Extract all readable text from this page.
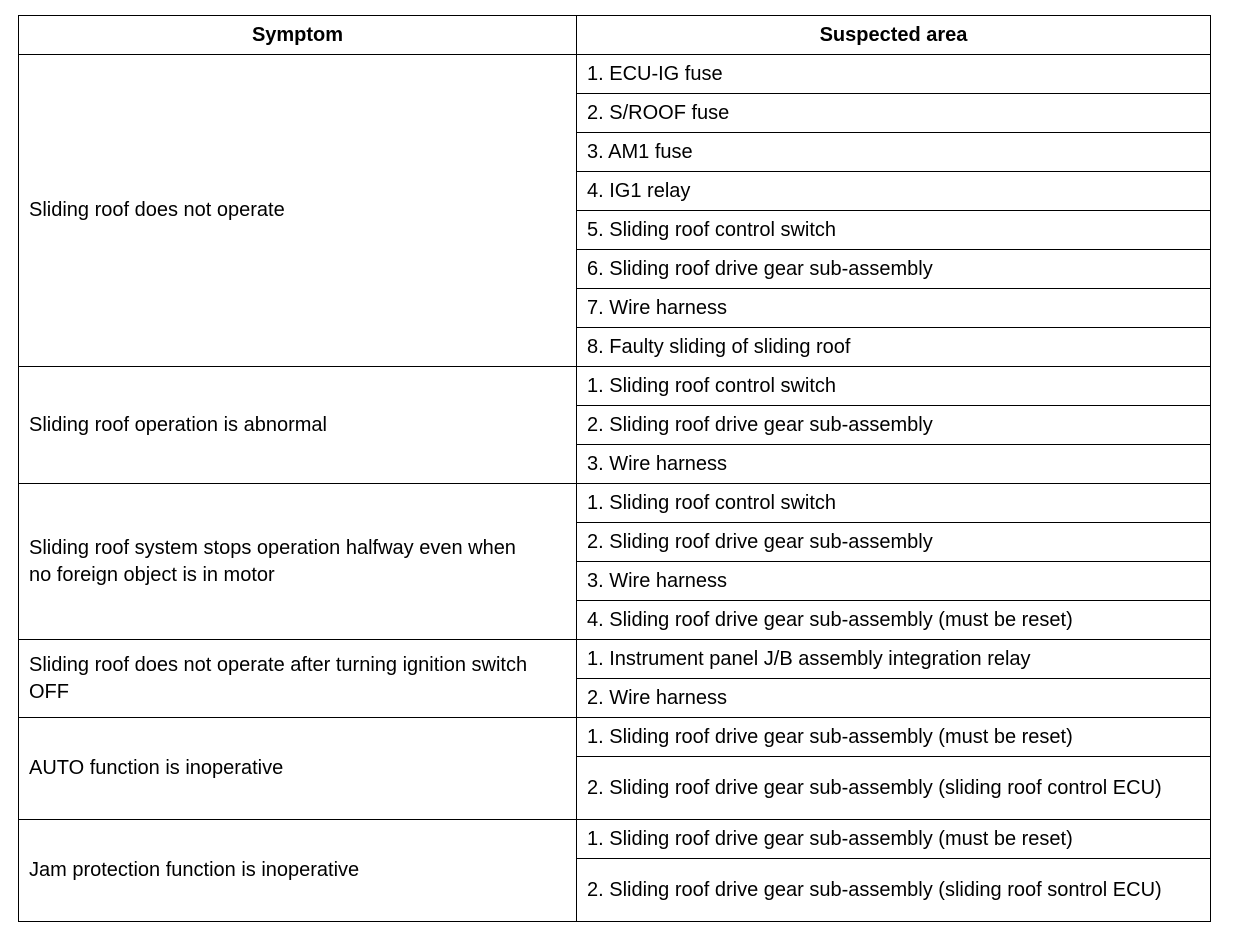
Symptom	Suspected area
Sliding roof does not operate	1. ECU-IG fuse
	2. S/ROOF fuse
	3. AM1 fuse
	4. IG1 relay
	5. Sliding roof control switch
	6. Sliding roof drive gear sub-assembly
	7. Wire harness
	8. Faulty sliding of sliding roof
Sliding roof operation is abnormal	1. Sliding roof control switch
	2. Sliding roof drive gear sub-assembly
	3. Wire harness
Sliding roof system stops operation halfway even when no foreign object is in motor	1. Sliding roof control switch
	2. Sliding roof drive gear sub-assembly
	3. Wire harness
	4. Sliding roof drive gear sub-assembly (must be reset)
Sliding roof does not operate after turning ignition switch OFF	1. Instrument panel J/B assembly integration relay
	2. Wire harness
AUTO function is inoperative	1. Sliding roof drive gear sub-assembly (must be reset)
	2. Sliding roof drive gear sub-assembly (sliding roof control ECU)
Jam protection function is inoperative	1. Sliding roof drive gear sub-assembly (must be reset)
	2. Sliding roof drive gear sub-assembly (sliding roof sontrol ECU)
